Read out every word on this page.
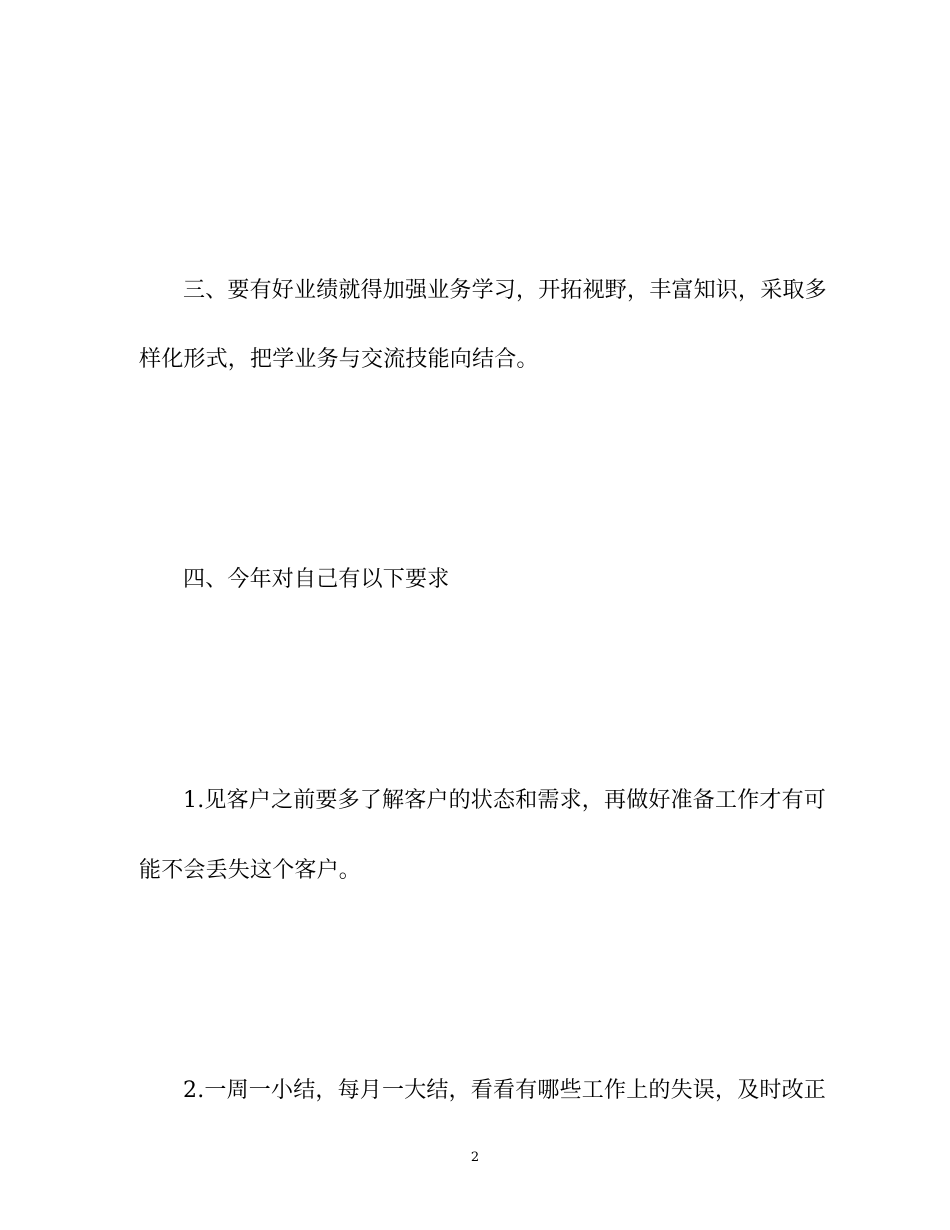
三、要有好业绩就得加强业务学习，开拓视野，丰富知识，采取多
样化形式，把学业务与交流技能向结合。
四、今年对自己有以下要求
1.见客户之前要多了解客户的状态和需求，再做好准备工作才有可
能不会丢失这个客户。
2.一周一小结，每月一大结，看看有哪些工作上的失误，及时改正
2
